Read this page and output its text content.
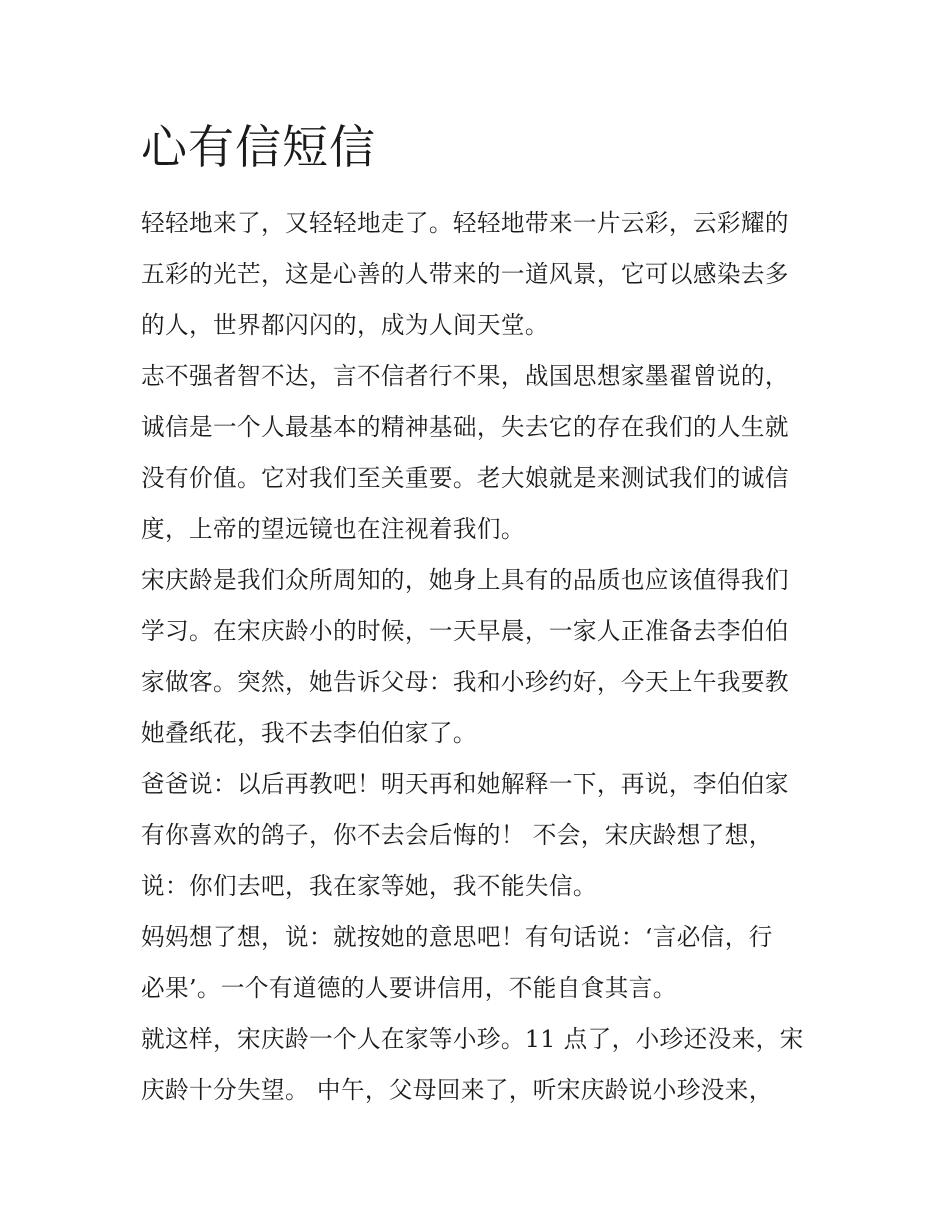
心有信短信

轻轻地来了，又轻轻地走了。轻轻地带来一片云彩，云彩耀的
五彩的光芒，这是心善的人带来的一道风景，它可以感染去多
的人，世界都闪闪的，成为人间天堂。

志不强者智不达，言不信者行不果，战国思想家墨翟曾说的，
诚信是一个人最基本的精神基础，失去它的存在我们的人生就
没有价值。它对我们至关重要。老大娘就是来测试我们的诚信
度，上帝的望远镜也在注视着我们。

宋庆龄是我们众所周知的，她身上具有的品质也应该值得我们
学习。在宋庆龄小的时候，一天早晨，一家人正准备去李伯伯
家做客。突然，她告诉父母：我和小珍约好，今天上午我要教
她叠纸花，我不去李伯伯家了。

爸爸说：以后再教吧！明天再和她解释一下，再说，李伯伯家
有你喜欢的鸽子，你不去会后悔的！ 不会，宋庆龄想了想，
说：你们去吧，我在家等她，我不能失信。

妈妈想了想，说：就按她的意思吧！有句话说：‘言必信，行
必果’。一个有道德的人要讲信用，不能自食其言。

就这样，宋庆龄一个人在家等小珍。11 点了，小珍还没来，宋
庆龄十分失望。 中午，父母回来了，听宋庆龄说小珍没来，
